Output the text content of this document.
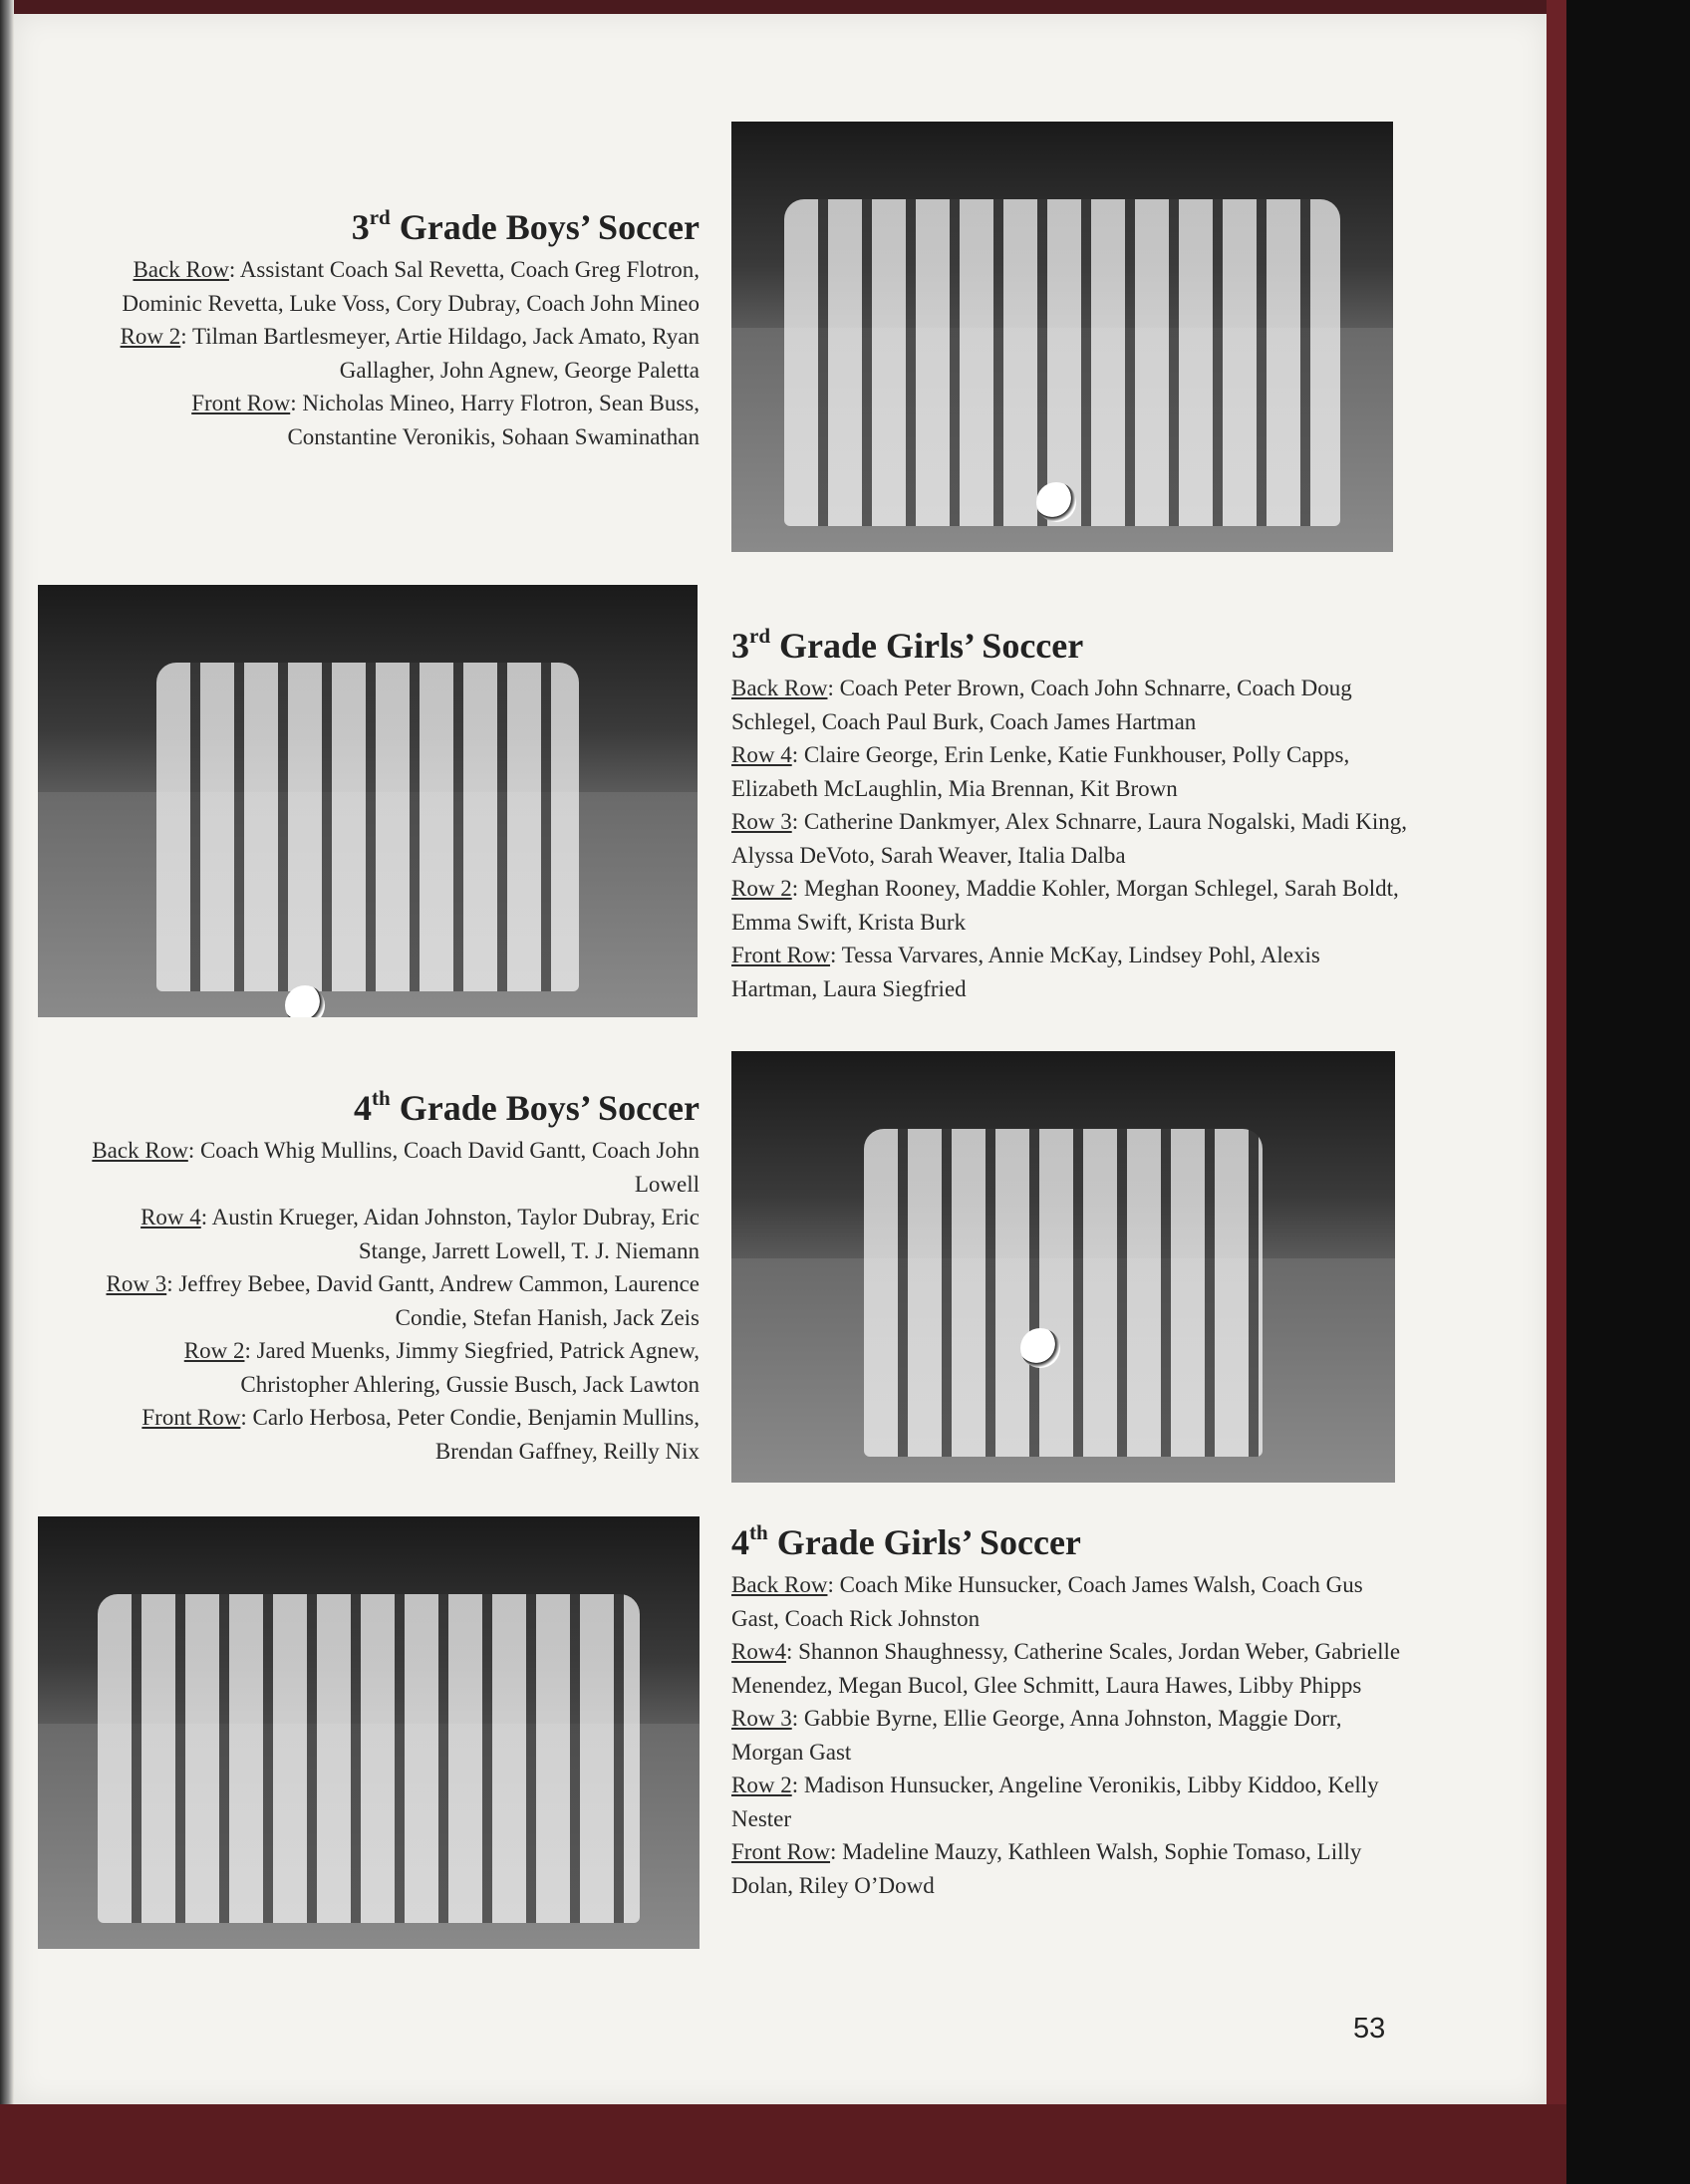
3rd Grade Boys’ Soccer
Back Row: Assistant Coach Sal Revetta, Coach Greg Flotron, Dominic Revetta, Luke Voss, Cory Dubray, Coach John Mineo
Row 2: Tilman Bartlesmeyer, Artie Hildago, Jack Amato, Ryan Gallagher, John Agnew, George Paletta
Front Row: Nicholas Mineo, Harry Flotron, Sean Buss, Constantine Veronikis, Sohaan Swaminathan
3rd Grade Girls’ Soccer
Back Row: Coach Peter Brown, Coach John Schnarre, Coach Doug Schlegel, Coach Paul Burk, Coach James Hartman
Row 4: Claire George, Erin Lenke, Katie Funkhouser, Polly Capps, Elizabeth McLaughlin, Mia Brennan, Kit Brown
Row 3: Catherine Dankmyer, Alex Schnarre, Laura Nogalski, Madi King, Alyssa DeVoto, Sarah Weaver, Italia Dalba
Row 2: Meghan Rooney, Maddie Kohler, Morgan Schlegel, Sarah Boldt, Emma Swift, Krista Burk
Front Row: Tessa Varvares, Annie McKay, Lindsey Pohl, Alexis Hartman, Laura Siegfried
4th Grade Boys’ Soccer
Back Row: Coach Whig Mullins, Coach David Gantt, Coach John Lowell
Row 4: Austin Krueger, Aidan Johnston, Taylor Dubray, Eric Stange, Jarrett Lowell, T. J. Niemann
Row 3: Jeffrey Bebee, David Gantt, Andrew Cammon, Laurence Condie, Stefan Hanish, Jack Zeis
Row 2: Jared Muenks, Jimmy Siegfried, Patrick Agnew, Christopher Ahlering, Gussie Busch, Jack Lawton
Front Row: Carlo Herbosa, Peter Condie, Benjamin Mullins, Brendan Gaffney, Reilly Nix
4th Grade Girls’ Soccer
Back Row: Coach Mike Hunsucker, Coach James Walsh, Coach Gus Gast, Coach Rick Johnston
Row4: Shannon Shaughnessy, Catherine Scales, Jordan Weber, Gabrielle Menendez, Megan Bucol, Glee Schmitt, Laura Hawes, Libby Phipps
Row 3: Gabbie Byrne, Ellie George, Anna Johnston, Maggie Dorr, Morgan Gast
Row 2: Madison Hunsucker, Angeline Veronikis, Libby Kiddoo, Kelly Nester
Front Row: Madeline Mauzy, Kathleen Walsh, Sophie Tomaso, Lilly Dolan, Riley O’Dowd
53
